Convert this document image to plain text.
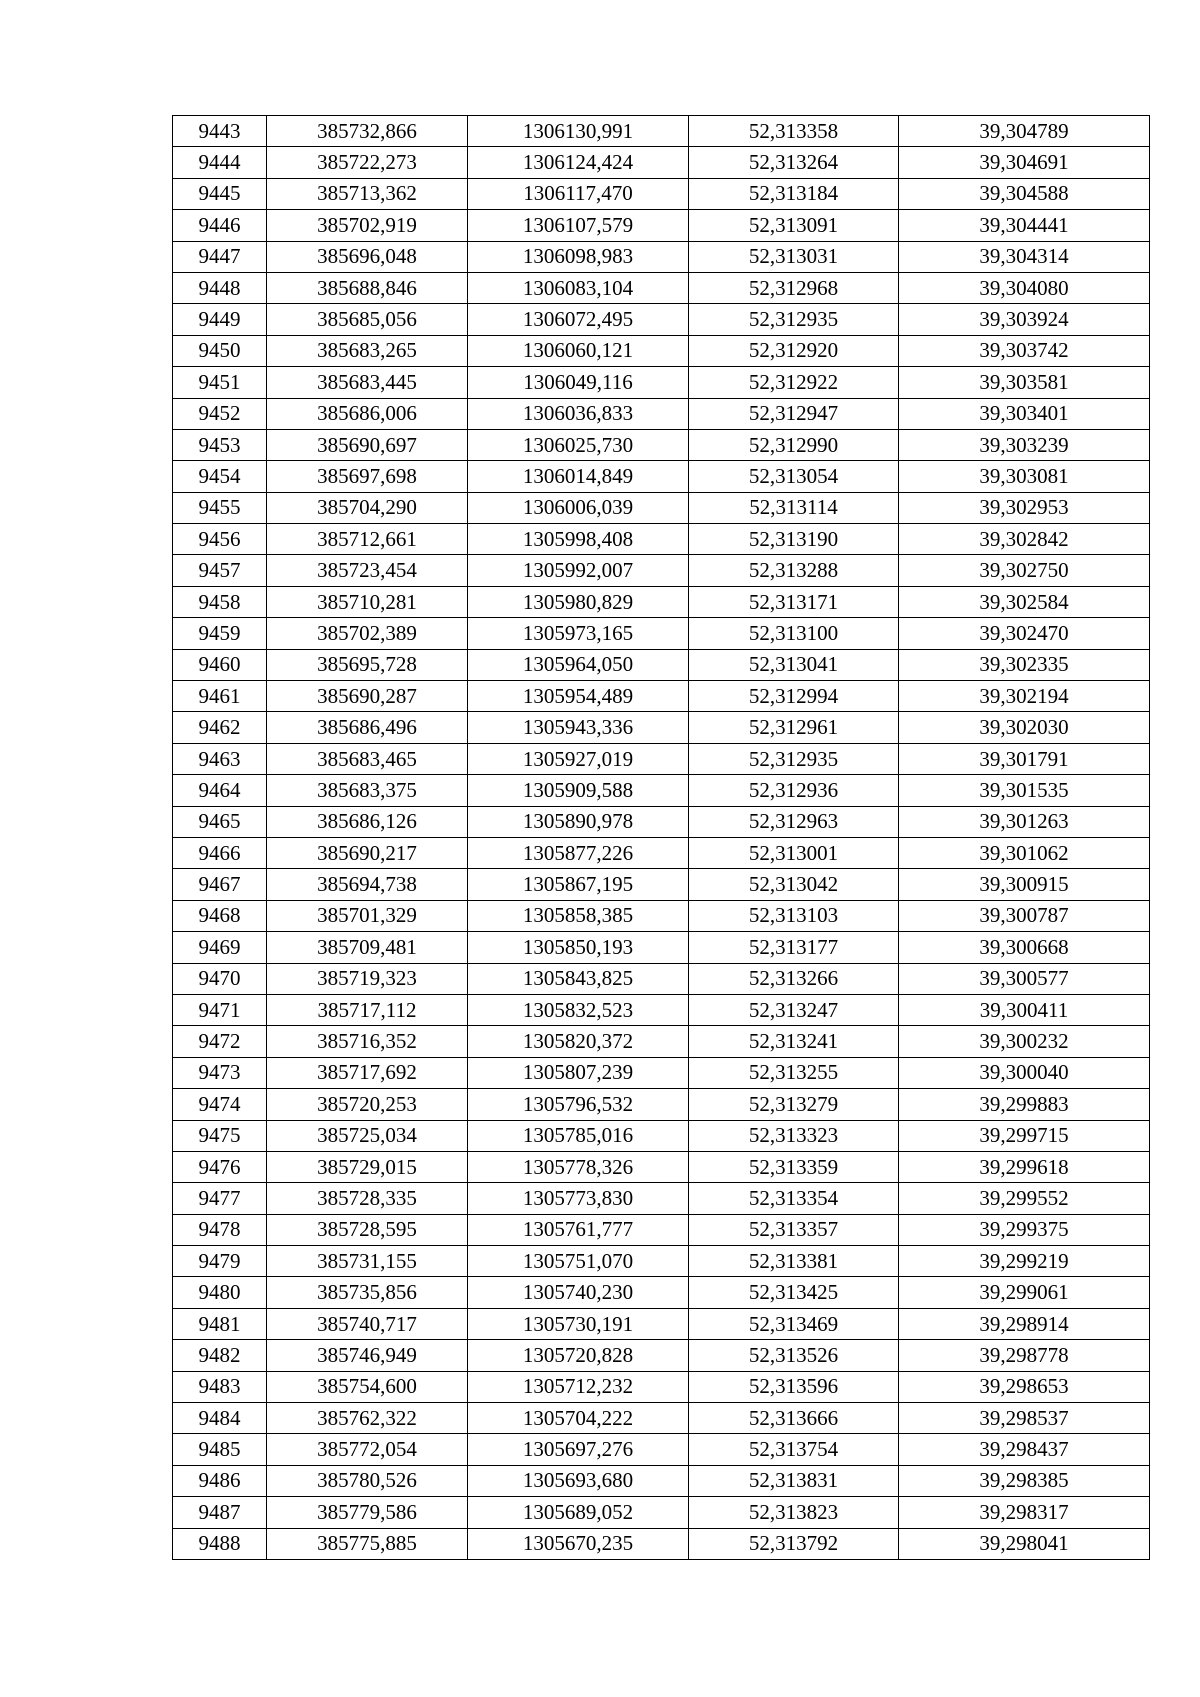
9443	385732,866	1306130,991	52,313358	39,304789
9444	385722,273	1306124,424	52,313264	39,304691
9445	385713,362	1306117,470	52,313184	39,304588
9446	385702,919	1306107,579	52,313091	39,304441
9447	385696,048	1306098,983	52,313031	39,304314
9448	385688,846	1306083,104	52,312968	39,304080
9449	385685,056	1306072,495	52,312935	39,303924
9450	385683,265	1306060,121	52,312920	39,303742
9451	385683,445	1306049,116	52,312922	39,303581
9452	385686,006	1306036,833	52,312947	39,303401
9453	385690,697	1306025,730	52,312990	39,303239
9454	385697,698	1306014,849	52,313054	39,303081
9455	385704,290	1306006,039	52,313114	39,302953
9456	385712,661	1305998,408	52,313190	39,302842
9457	385723,454	1305992,007	52,313288	39,302750
9458	385710,281	1305980,829	52,313171	39,302584
9459	385702,389	1305973,165	52,313100	39,302470
9460	385695,728	1305964,050	52,313041	39,302335
9461	385690,287	1305954,489	52,312994	39,302194
9462	385686,496	1305943,336	52,312961	39,302030
9463	385683,465	1305927,019	52,312935	39,301791
9464	385683,375	1305909,588	52,312936	39,301535
9465	385686,126	1305890,978	52,312963	39,301263
9466	385690,217	1305877,226	52,313001	39,301062
9467	385694,738	1305867,195	52,313042	39,300915
9468	385701,329	1305858,385	52,313103	39,300787
9469	385709,481	1305850,193	52,313177	39,300668
9470	385719,323	1305843,825	52,313266	39,300577
9471	385717,112	1305832,523	52,313247	39,300411
9472	385716,352	1305820,372	52,313241	39,300232
9473	385717,692	1305807,239	52,313255	39,300040
9474	385720,253	1305796,532	52,313279	39,299883
9475	385725,034	1305785,016	52,313323	39,299715
9476	385729,015	1305778,326	52,313359	39,299618
9477	385728,335	1305773,830	52,313354	39,299552
9478	385728,595	1305761,777	52,313357	39,299375
9479	385731,155	1305751,070	52,313381	39,299219
9480	385735,856	1305740,230	52,313425	39,299061
9481	385740,717	1305730,191	52,313469	39,298914
9482	385746,949	1305720,828	52,313526	39,298778
9483	385754,600	1305712,232	52,313596	39,298653
9484	385762,322	1305704,222	52,313666	39,298537
9485	385772,054	1305697,276	52,313754	39,298437
9486	385780,526	1305693,680	52,313831	39,298385
9487	385779,586	1305689,052	52,313823	39,298317
9488	385775,885	1305670,235	52,313792	39,298041
